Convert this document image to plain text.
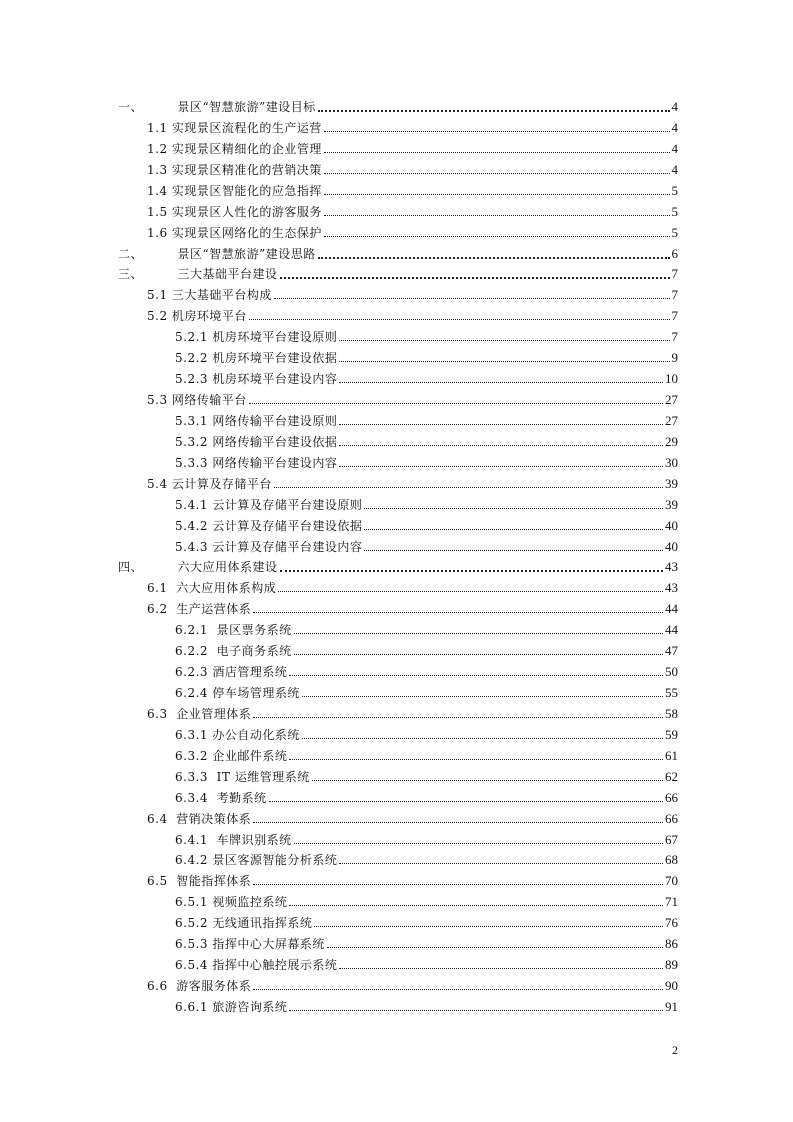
一、        景区“智慧旅游”建设目标	4
1.1 实现景区流程化的生产运营	4
1.2 实现景区精细化的企业管理	4
1.3 实现景区精准化的营销决策	4
1.4 实现景区智能化的应急指挥	5
1.5 实现景区人性化的游客服务	5
1.6 实现景区网络化的生态保护	5
二、        景区“智慧旅游”建设思路	6
三、        三大基础平台建设	7
5.1 三大基础平台构成	7
5.2 机房环境平台	7
5.2.1 机房环境平台建设原则	7
5.2.2 机房环境平台建设依据	9
5.2.3 机房环境平台建设内容	10
5.3 网络传输平台	27
5.3.1 网络传输平台建设原则	27
5.3.2 网络传输平台建设依据	29
5.3.3 网络传输平台建设内容	30
5.4 云计算及存储平台	39
5.4.1 云计算及存储平台建设原则	39
5.4.2 云计算及存储平台建设依据	40
5.4.3 云计算及存储平台建设内容	40
四、        六大应用体系建设	43
6.1  六大应用体系构成	43
6.2  生产运营体系	44
6.2.1  景区票务系统	44
6.2.2  电子商务系统	47
6.2.3 酒店管理系统	50
6.2.4 停车场管理系统	55
6.3  企业管理体系	58
6.3.1 办公自动化系统	59
6.3.2 企业邮件系统	61
6.3.3  IT 运维管理系统	62
6.3.4  考勤系统	66
6.4  营销决策体系	66
6.4.1  车牌识别系统	67
6.4.2 景区客源智能分析系统	68
6.5  智能指挥体系	70
6.5.1 视频监控系统	71
6.5.2 无线通讯指挥系统	76
6.5.3 指挥中心大屏幕系统	86
6.5.4 指挥中心触控展示系统	89
6.6  游客服务体系	90
6.6.1 旅游咨询系统	91
2
